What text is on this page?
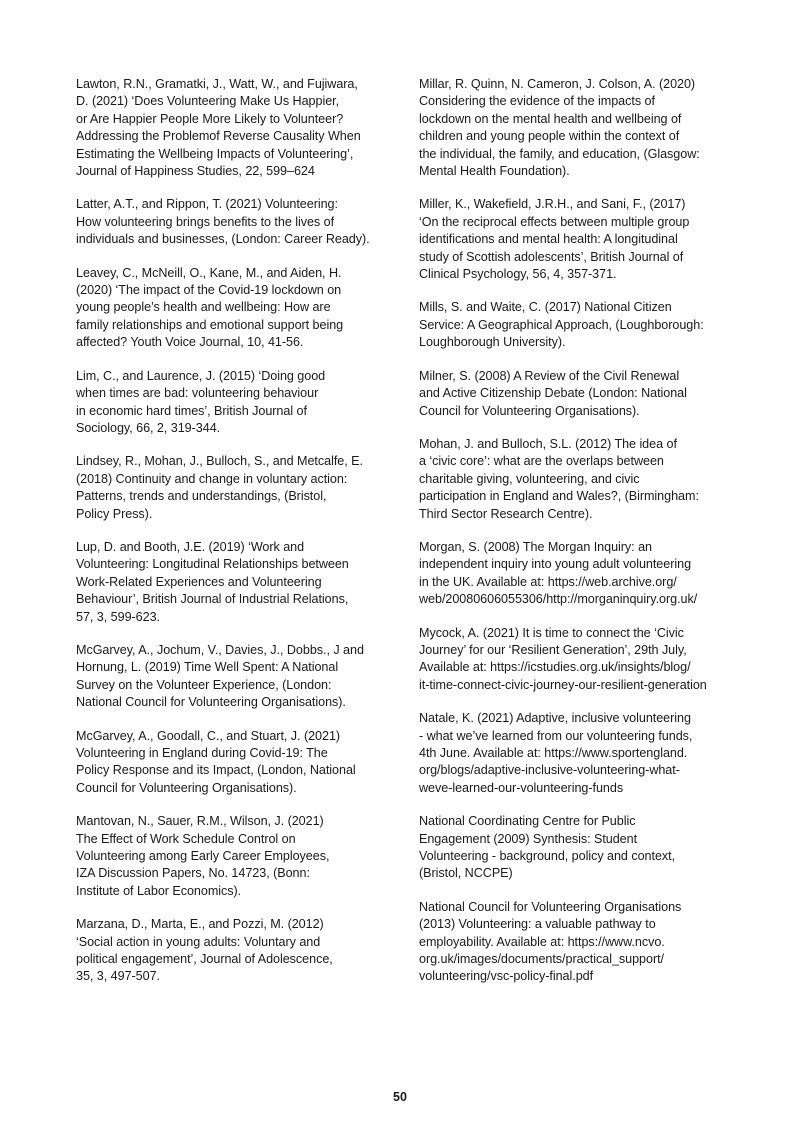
Lawton, R.N., Gramatki, J., Watt, W., and Fujiwara,
D. (2021) ‘Does Volunteering Make Us Happier,
or Are Happier People More Likely to Volunteer?
Addressing the Problemof Reverse Causality When
Estimating the Wellbeing Impacts of Volunteering’,
Journal of Happiness Studies, 22, 599–624

Latter, A.T., and Rippon, T. (2021) Volunteering:
How volunteering brings benefits to the lives of
individuals and businesses, (London: Career Ready).

Leavey, C., McNeill, O., Kane, M., and Aiden, H.
(2020) ‘The impact of the Covid-19 lockdown on
young people’s health and wellbeing: How are
family relationships and emotional support being
affected? Youth Voice Journal, 10, 41-56.

Lim, C., and Laurence, J. (2015) ‘Doing good
when times are bad: volunteering behaviour
in economic hard times’, British Journal of
Sociology, 66, 2, 319-344.

Lindsey, R., Mohan, J., Bulloch, S., and Metcalfe, E.
(2018) Continuity and change in voluntary action:
Patterns, trends and understandings, (Bristol,
Policy Press).

Lup, D. and Booth, J.E. (2019) ‘Work and
Volunteering: Longitudinal Relationships between
Work-Related Experiences and Volunteering
Behaviour’, British Journal of Industrial Relations,
57, 3, 599-623.

McGarvey, A., Jochum, V., Davies, J., Dobbs., J and
Hornung, L. (2019) Time Well Spent: A National
Survey on the Volunteer Experience, (London:
National Council for Volunteering Organisations).

McGarvey, A., Goodall, C., and Stuart, J. (2021)
Volunteering in England during Covid-19: The
Policy Response and its Impact, (London, National
Council for Volunteering Organisations).

Mantovan, N., Sauer, R.M., Wilson, J. (2021)
The Effect of Work Schedule Control on
Volunteering among Early Career Employees,
IZA Discussion Papers, No. 14723, (Bonn:
Institute of Labor Economics).

Marzana, D., Marta, E., and Pozzi, M. (2012)
‘Social action in young adults: Voluntary and
political engagement’, Journal of Adolescence,
35, 3, 497-507.

Millar, R. Quinn, N. Cameron, J. Colson, A. (2020)
Considering the evidence of the impacts of
lockdown on the mental health and wellbeing of
children and young people within the context of
the individual, the family, and education, (Glasgow:
Mental Health Foundation).

Miller, K., Wakefield, J.R.H., and Sani, F., (2017)
‘On the reciprocal effects between multiple group
identifications and mental health: A longitudinal
study of Scottish adolescents’, British Journal of
Clinical Psychology, 56, 4, 357-371.

Mills, S. and Waite, C. (2017) National Citizen
Service: A Geographical Approach, (Loughborough:
Loughborough University).

Milner, S. (2008) A Review of the Civil Renewal
and Active Citizenship Debate (London: National
Council for Volunteering Organisations).

Mohan, J. and Bulloch, S.L. (2012) The idea of
a ‘civic core’: what are the overlaps between
charitable giving, volunteering, and civic
participation in England and Wales?, (Birmingham:
Third Sector Research Centre).

Morgan, S. (2008) The Morgan Inquiry: an
independent inquiry into young adult volunteering
in the UK. Available at: https://web.archive.org/
web/20080606055306/http://morganinquiry.org.uk/

Mycock, A. (2021) It is time to connect the ‘Civic
Journey’ for our ‘Resilient Generation’, 29th July,
Available at: https://icstudies.org.uk/insights/blog/
it-time-connect-civic-journey-our-resilient-generation

Natale, K. (2021) Adaptive, inclusive volunteering
- what we’ve learned from our volunteering funds,
4th June. Available at: https://www.sportengland.
org/blogs/adaptive-inclusive-volunteering-what-
weve-learned-our-volunteering-funds

National Coordinating Centre for Public
Engagement (2009) Synthesis: Student
Volunteering - background, policy and context,
(Bristol, NCCPE)

National Council for Volunteering Organisations
(2013) Volunteering: a valuable pathway to
employability. Available at: https://www.ncvo.
org.uk/images/documents/practical_support/
volunteering/vsc-policy-final.pdf

50
